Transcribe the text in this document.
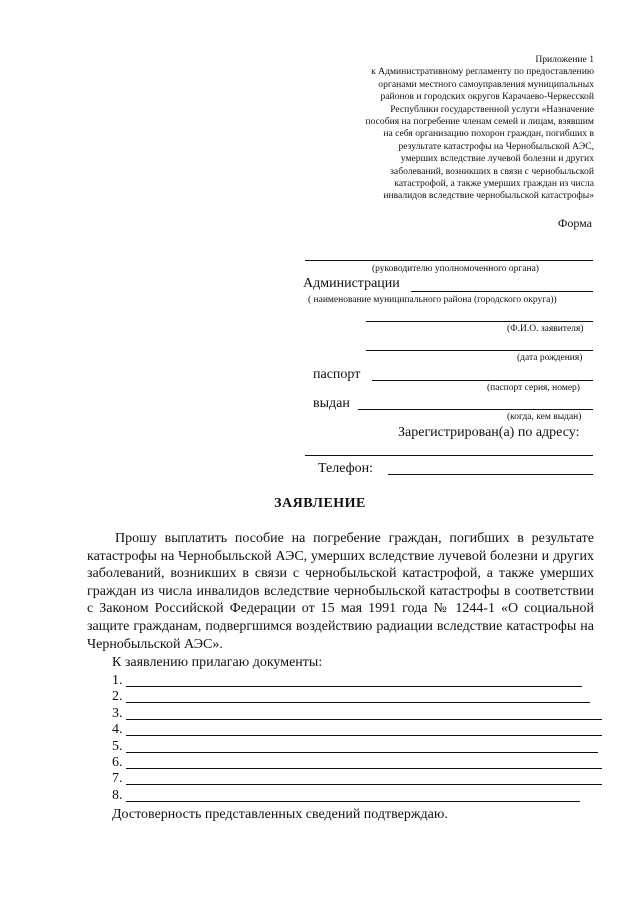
Приложение 1
к Административному регламенту по предоставлению
органами местного самоуправления муниципальных
районов и городских округов Карачаево-Черкесской
Республики государственной услуги «Назначение
пособия на погребение членам семей и лицам, взявшим
на себя организацию похорон граждан, погибших в
результате катастрофы на Чернобыльской АЭС,
умерших вследствие лучевой болезни и других
заболеваний, возникших в связи с чернобыльской
катастрофой, а также умерших граждан из числа
инвалидов вследствие чернобыльской катастрофы»
Форма
(руководителю уполномоченного органа)
Администрации
( наименование муниципального района (городского округа))
(Ф.И.О. заявителя)
(дата рождения)
паспорт
(паспорт серия, номер)
выдан
(когда, кем выдан)
Зарегистрирован(а) по адресу:
Телефон:
ЗАЯВЛЕНИЕ

Прошу выплатить пособие на погребение граждан, погибших в результате катастрофы на Чернобыльской АЭС, умерших вследствие лучевой болезни и других заболеваний, возникших в связи с чернобыльской катастрофой, а также умерших граждан из числа инвалидов вследствие чернобыльской катастрофы в соответствии с Законом Российской Федерации от 15 мая 1991 года № 1244-1 «О социальной защите гражданам, подвергшимся воздействию радиации вследствие катастрофы на Чернобыльской АЭС».

К заявлению прилагаю документы:
1.
2.
3.
4.
5.
6.
7.
8.
Достоверность представленных сведений подтверждаю.
